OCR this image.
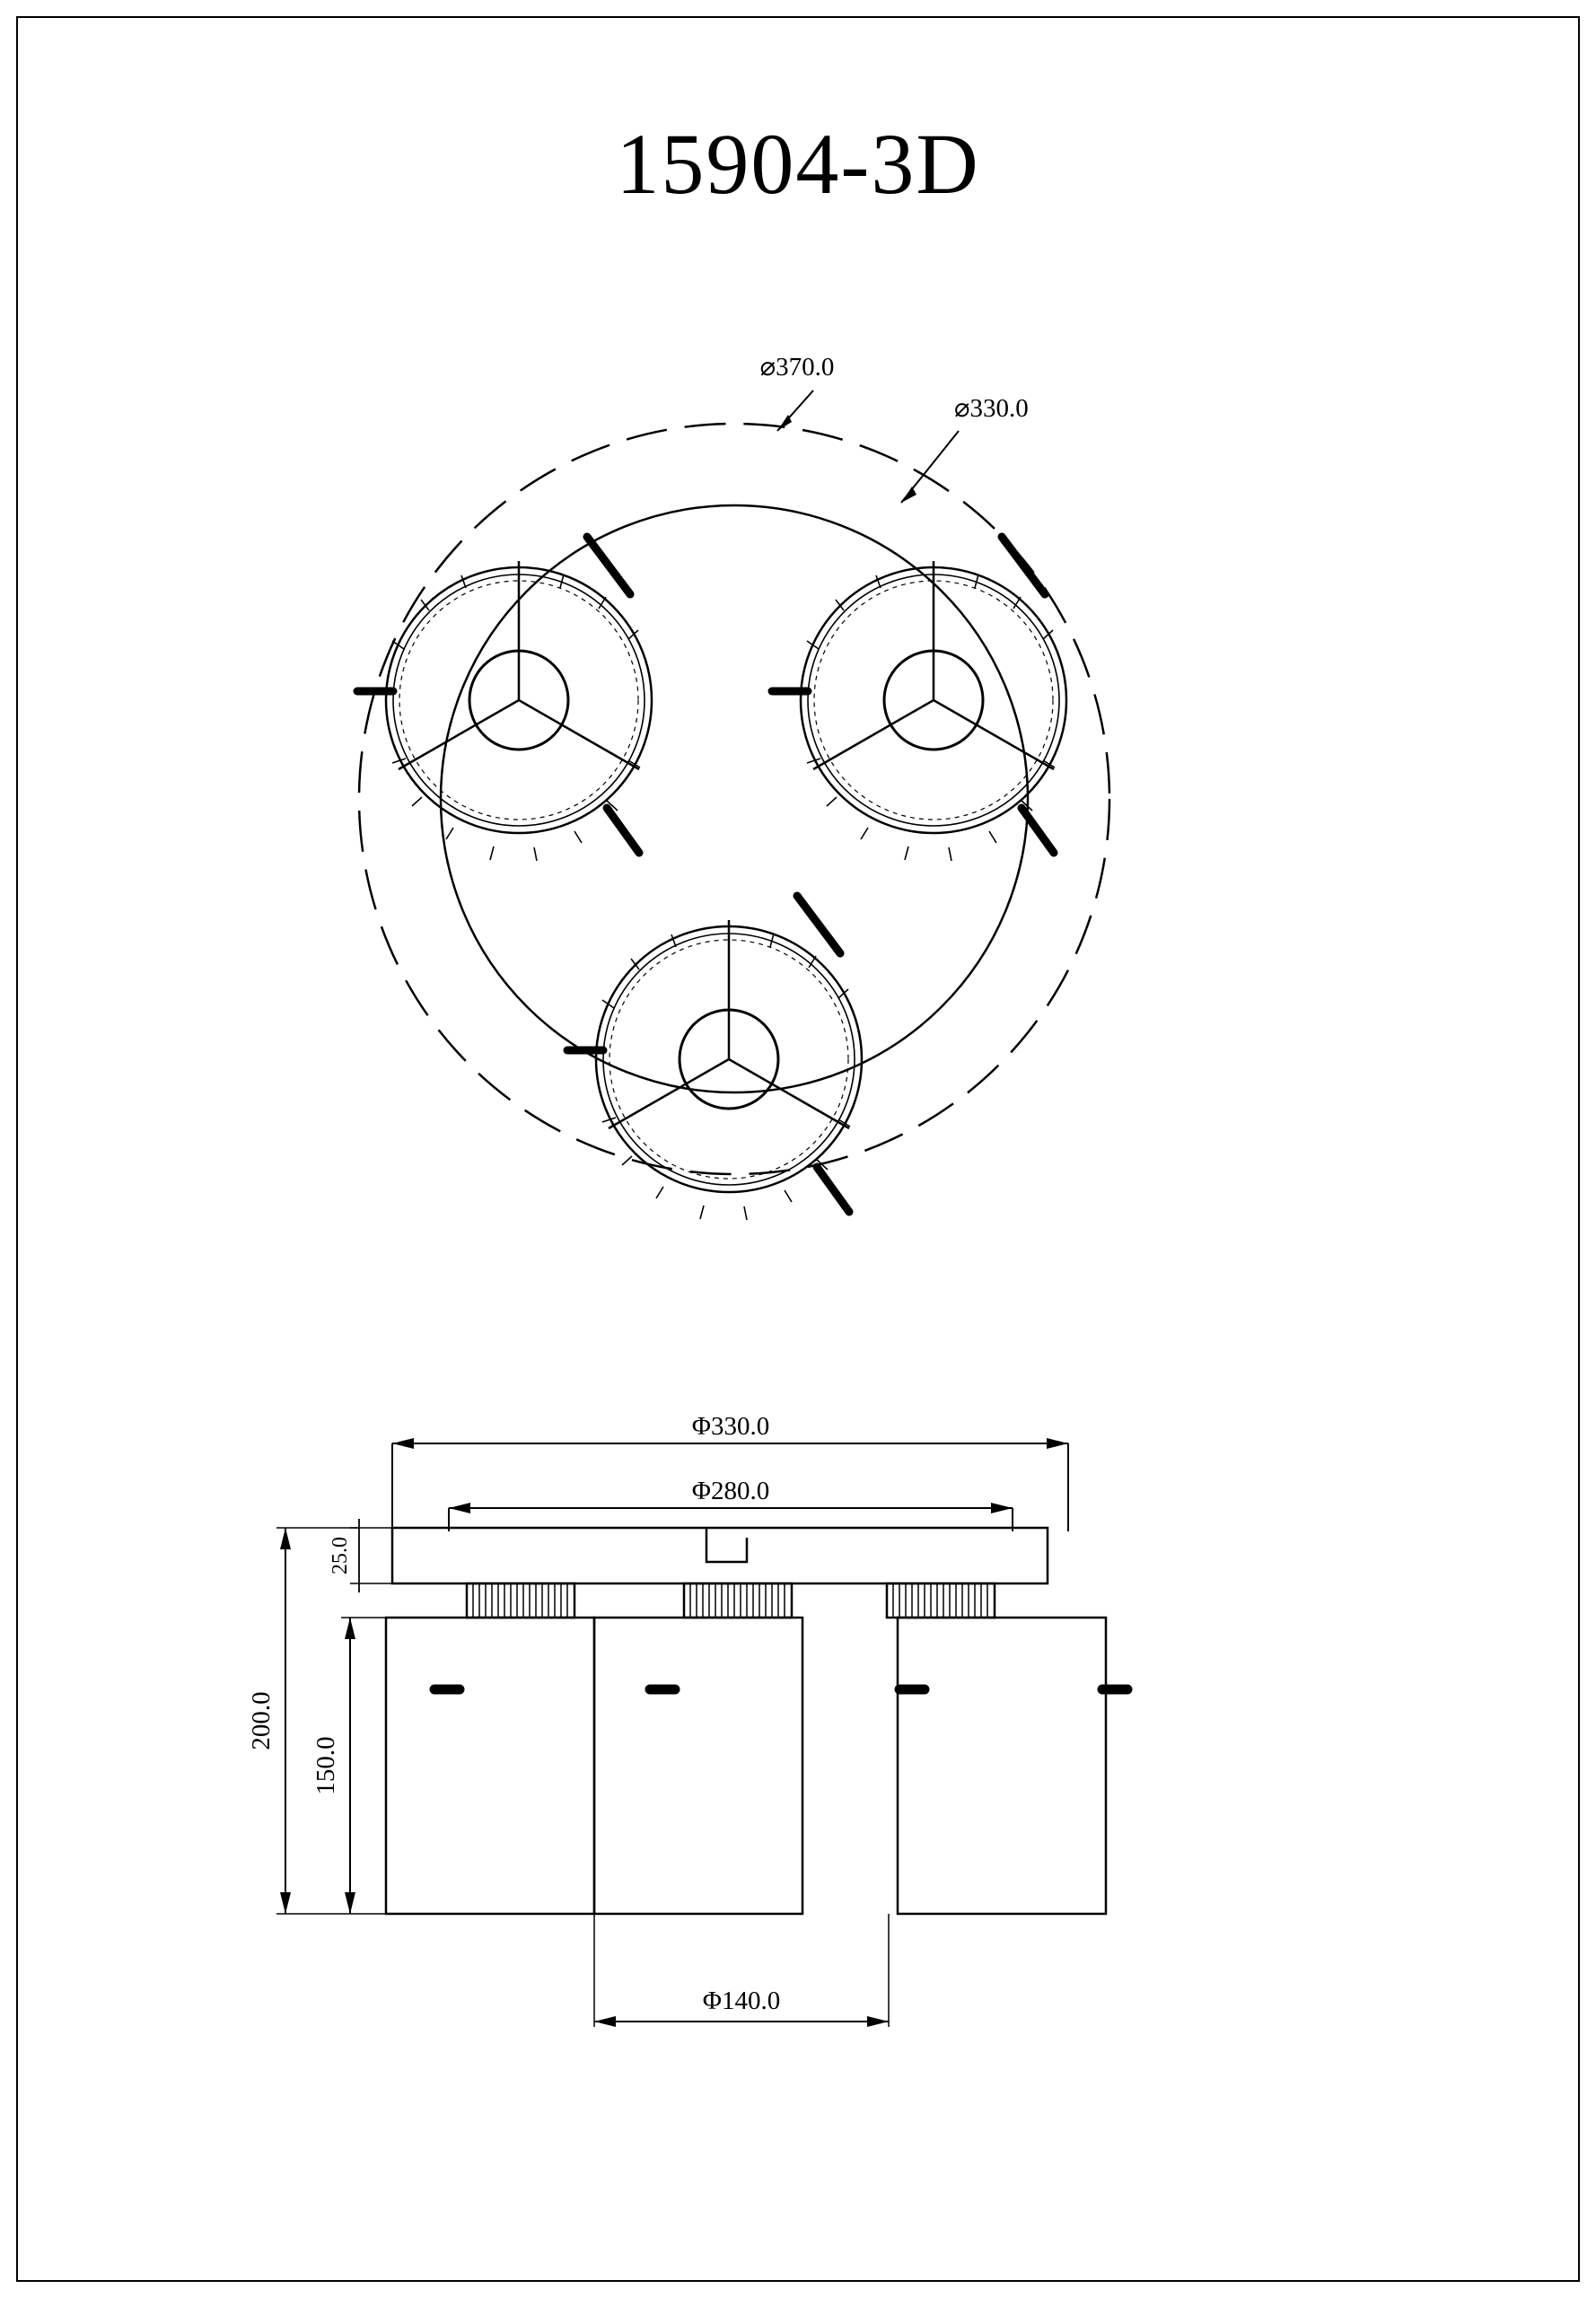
15904-3D
⌀370.0
⌀330.0
Φ330.0
Φ280.0
25.0
200.0
150.0
Φ140.0
